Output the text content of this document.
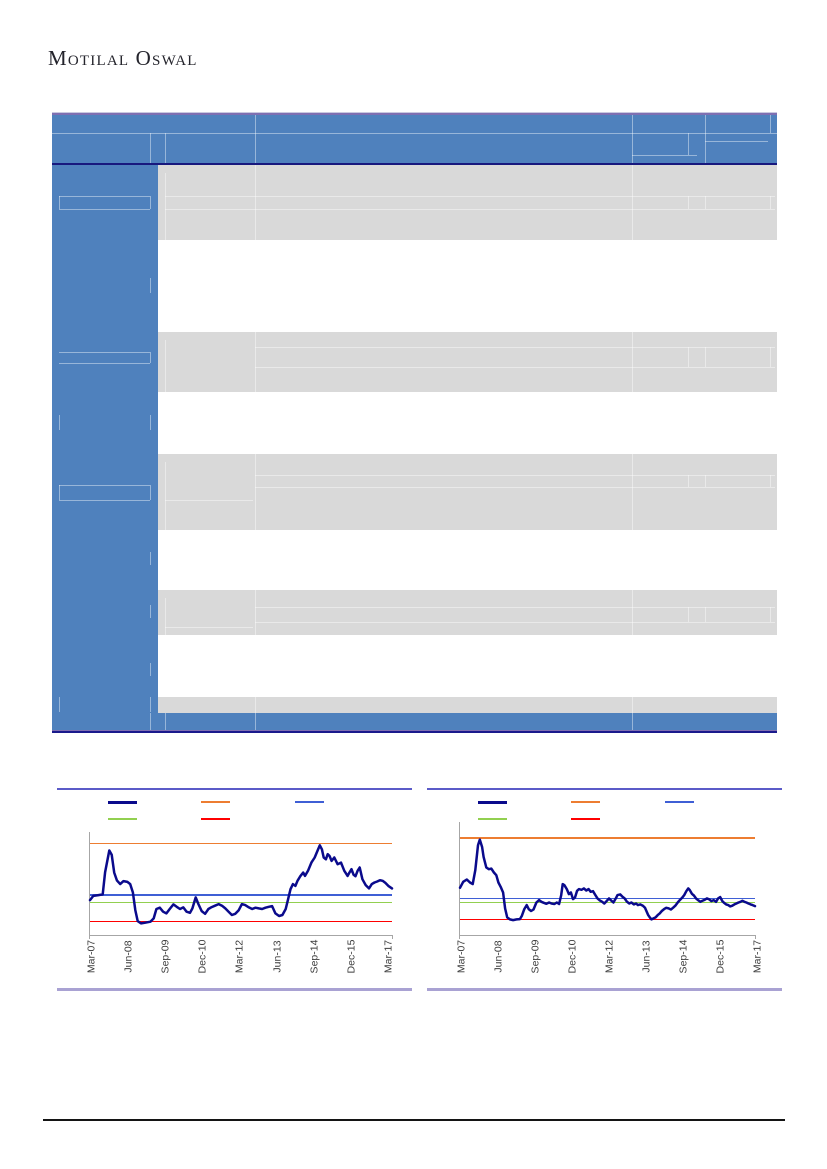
Motilal Oswal
Mar-07 Jun-08 Sep-09 Dec-10 Mar-12 Jun-13 Sep-14 Dec-15 Mar-17	Mar-07 Jun-08 Sep-09 Dec-10 Mar-12 Jun-13 Sep-14 Dec-15 Mar-17
